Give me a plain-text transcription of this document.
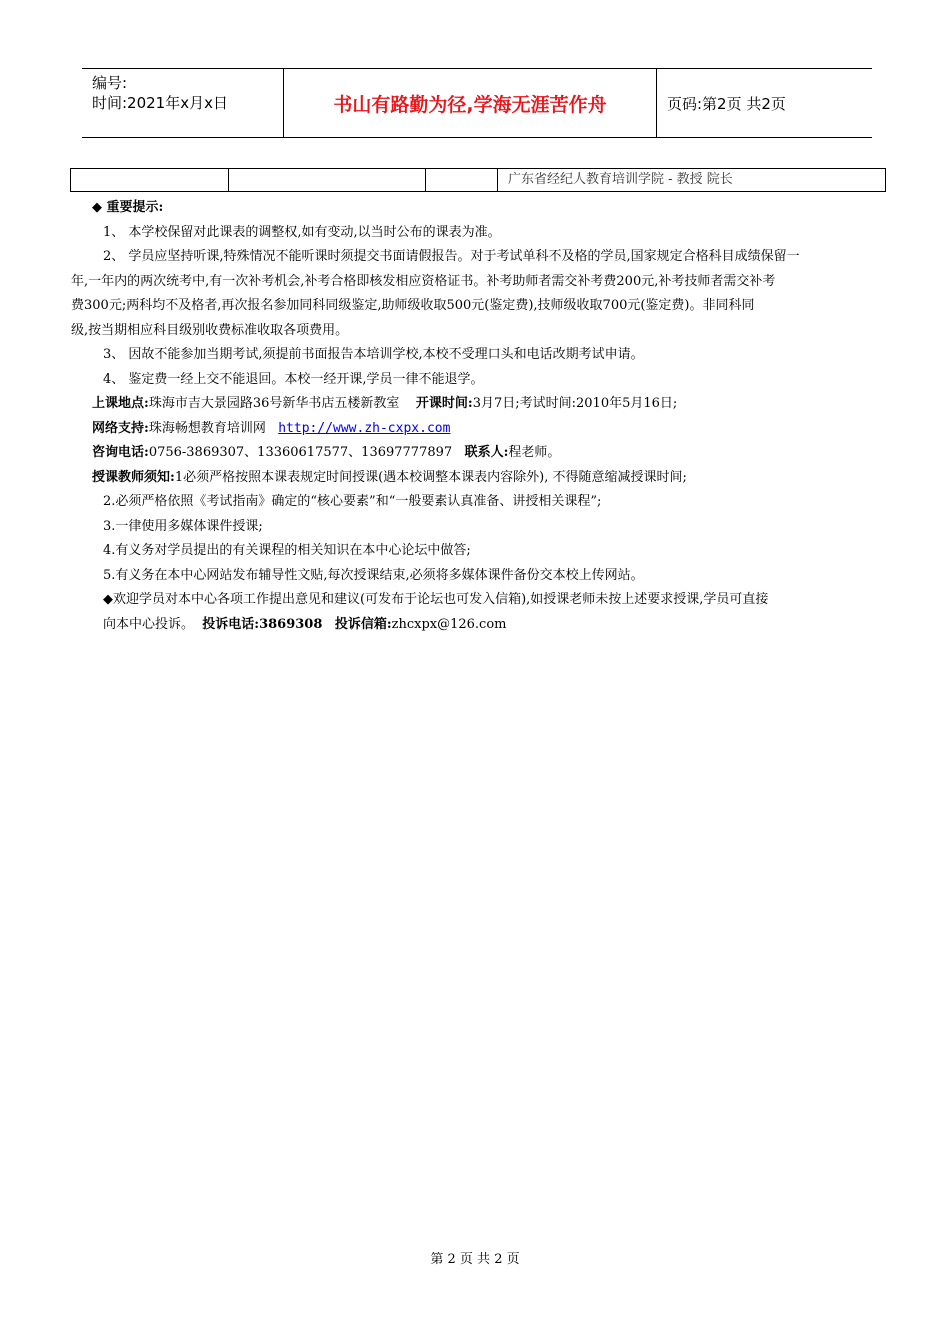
编号:
时间:2021年x月x日	书山有路勤为径,学海无涯苦作舟	页码:第2页 共2页
广东省经纪人教育培训学院 - 教授 院长

◆ 重要提示:

1、 本学校保留对此课表的调整权,如有变动,以当时公布的课表为准。

2、 学员应坚持听课,特殊情况不能听课时须提交书面请假报告。对于考试单科不及格的学员,国家规定合格科目成绩保留一

年,一年内的两次统考中,有一次补考机会,补考合格即核发相应资格证书。补考助师者需交补考费200元,补考技师者需交补考

费300元;两科均不及格者,再次报名参加同科同级鉴定,助师级收取500元(鉴定费),技师级收取700元(鉴定费)。非同科同

级,按当期相应科目级别收费标准收取各项费用。

3、 因故不能参加当期考试,须提前书面报告本培训学校,本校不受理口头和电话改期考试申请。

4、 鉴定费一经上交不能退回。本校一经开课,学员一律不能退学。

上课地点:珠海市吉大景园路36号新华书店五楼新教室 开课时间:3月7日;考试时间:2010年5月16日;

网络支持:珠海畅想教育培训网 http://www.zh-cxpx.com

咨询电话:0756-3869307、13360617577、13697777897 联系人:程老师。

授课教师须知:1必须严格按照本课表规定时间授课(遇本校调整本课表内容除外), 不得随意缩减授课时间;

2.必须严格依照《考试指南》确定的“核心要素”和“一般要素认真准备、讲授相关课程”;

3.一律使用多媒体课件授课;

4.有义务对学员提出的有关课程的相关知识在本中心论坛中做答;

5.有义务在本中心网站发布辅导性文贴,每次授课结束,必须将多媒体课件备份交本校上传网站。

◆欢迎学员对本中心各项工作提出意见和建议(可发布于论坛也可发入信箱),如授课老师未按上述要求授课,学员可直接

向本中心投诉。 投诉电话:3869308 投诉信箱:zhcxpx@126.com

第 2 页 共 2 页
